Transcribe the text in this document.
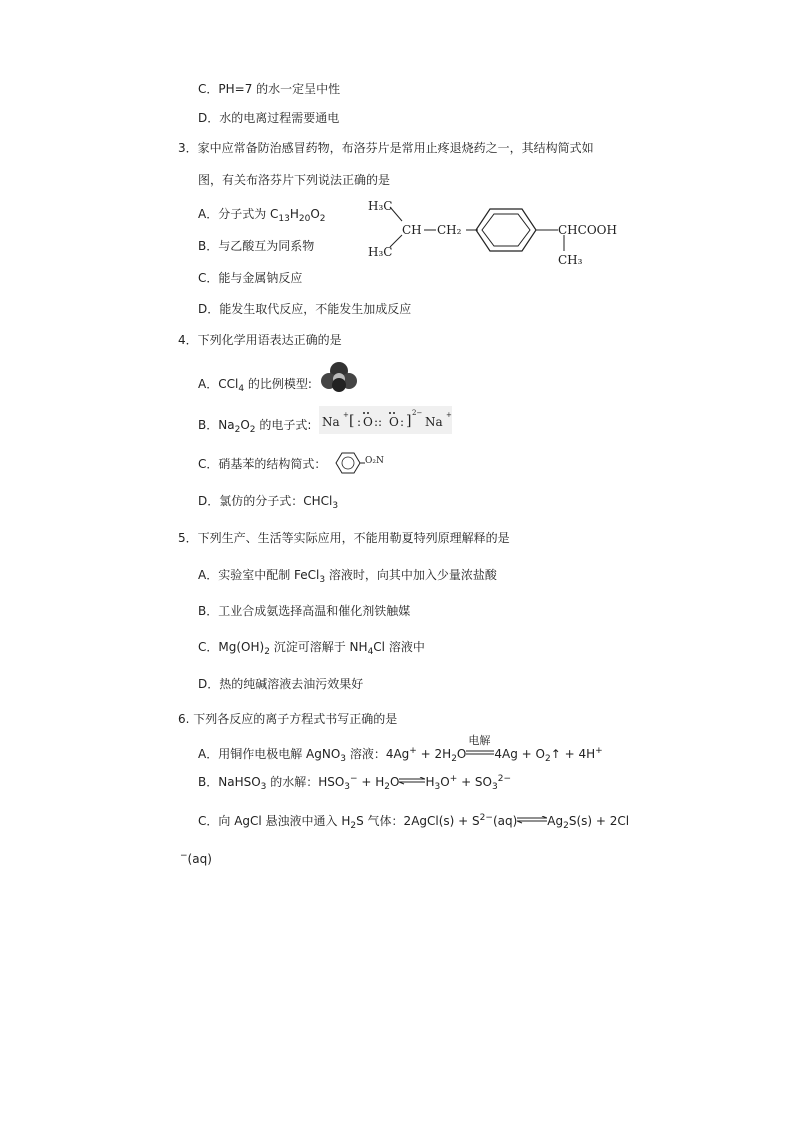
C．PH=7 的水一定呈中性
D．水的电离过程需要通电
3．家中应常备防治感冒药物，布洛芬片是常用止疼退烧药之一，其结构简式如
图，有关布洛芬片下列说法正确的是
A．分子式为 $C_{13}H_{20}O_2$
B．与乙酸互为同系物
C．能与金属钠反应
D．能发生取代反应，不能发生加成反应
H₃C
H₃C
CH CH₂	CHCOOH
CH₃
4．下列化学用语表达正确的是
A．CCl$_4$ 的比例模型:
B．$Na_2O_2$ 的电子式: Na + [ : O :: O : ] 2−
Na +
C．硝基苯的结构简式：	O₂N
D．氯仿的分子式：CHCl$_3$
5．下列生产、生活等实际应用，不能用勒夏特列原理解释的是
A．实验室中配制 FeCl$_3$ 溶液时，向其中加入少量浓盐酸
B．工业合成氨选择高温和催化剂铁触媒
C．$Mg(OH)_2$ 沉淀可溶解于 $NH_4Cl$ 溶液中
D．热的纯碱溶液去油污效果好
6. 下列各反应的离子方程式书写正确的是
A．用铜作电极电解 AgNO$_3$ 溶液：$4Ag^+ + 2H_2O$
电解
$4Ag + O_2↑ + 4H^+$
B．NaHSO$_3$ 的水解：$HSO_3^-$ + $H_2O\rightleftharpoons H_3O^+ + SO_3^{2-}$
C．向 AgCl 悬浊液中通入 $H_2S$ 气体：2AgCl(s) + $S^{2-}(aq)\rightleftharpoons Ag_2S(s) + 2Cl$
−(aq)
